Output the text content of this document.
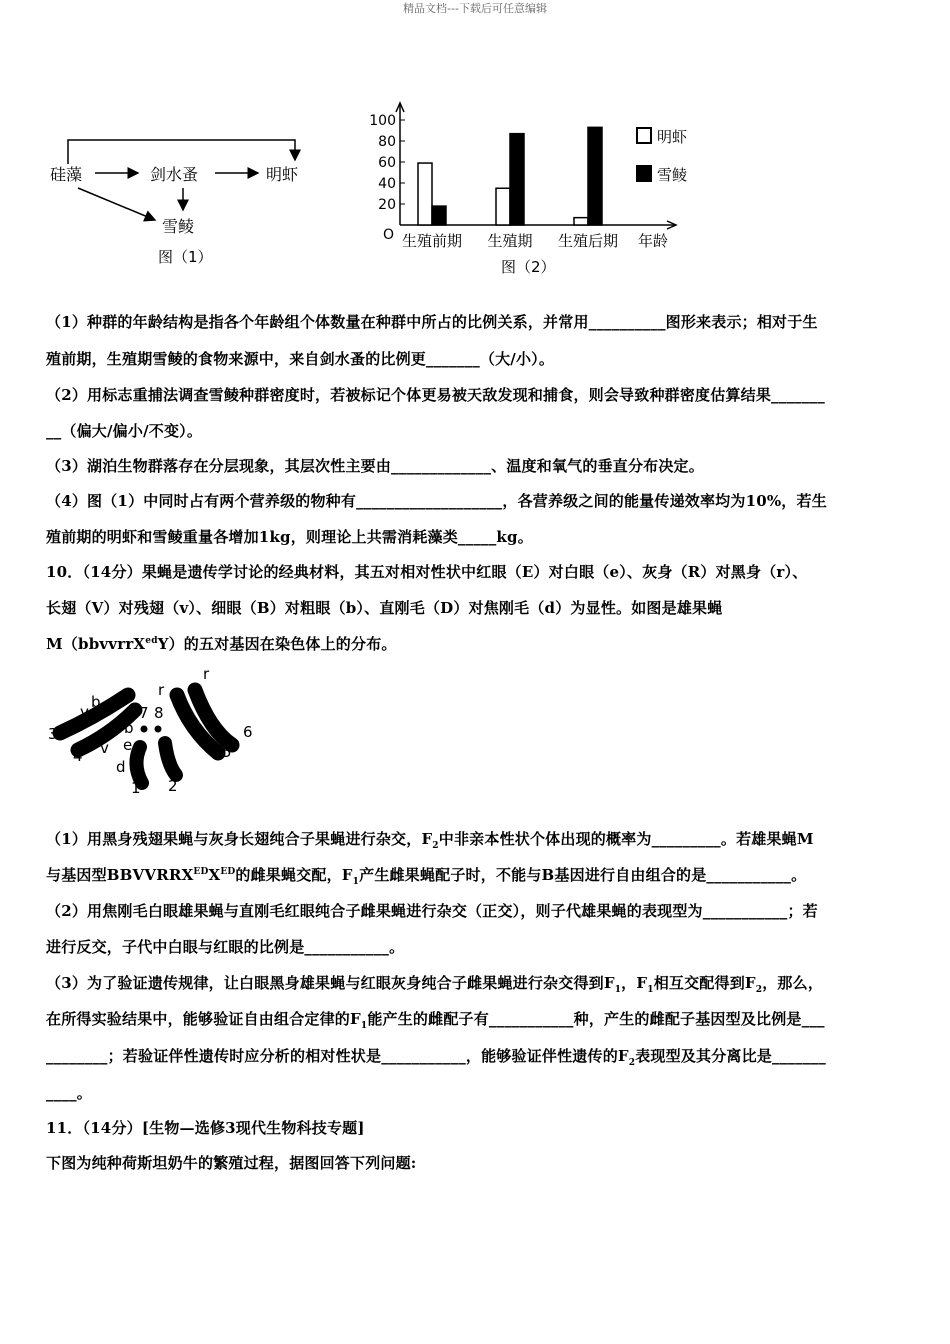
精品文档---下载后可任意编辑
硅藻	剑水蚤	明虾
雪鲮
图（1）
100
80
60
40
20
生殖前期 生殖期 生殖后期
明虾
雪鲮
年龄
O
图（2）
（1）种群的年龄结构是指各个年龄组个体数量在种群中所占的比例关系，并常用__________图形来表示；相对于生
殖前期，生殖期雪鲮的食物来源中，来自剑水蚤的比例更_______（大/小）。
（2）用标志重捕法调查雪鲮种群密度时，若被标记个体更易被天敌发现和捕食，则会导致种群密度估算结果_______
__（偏大/偏小/不变）。
（3）湖泊生物群落存在分层现象，其层次性主要由_____________、温度和氧气的垂直分布决定。
（4）图（1）中同时占有两个营养级的物种有___________________，各营养级之间的能量传递效率均为10%，若生
殖前期的明虾和雪鲮重量各增加1kg，则理论上共需消耗藻类_____kg。
10．（14分）果蝇是遗传学讨论的经典材料，其五对相对性状中红眼（E）对白眼（e）、灰身（R）对黑身（r）、
长翅（V）对残翅（v）、细眼（B）对粗眼（b）、直刚毛（D）对焦刚毛（d）为显性。如图是雄果蝇
M（bbvvrrX$^{ed}$Y）的五对基因在染色体上的分布。
b
v
3
4
b
v e
d
1
7 8
2
r
r
6
5
（1）用黑身残翅果蝇与灰身长翅纯合子果蝇进行杂交，$F_2$中非亲本性状个体出现的概率为_________。若雄果蝇M
与基因型$BBVVRRX^{ED}X^{ED}$的雌果蝇交配，$F_1$产生雌果蝇配子时，不能与B基因进行自由组合的是___________。
（2）用焦刚毛白眼雄果蝇与直刚毛红眼纯合子雌果蝇进行杂交（正交），则子代雄果蝇的表现型为___________；若
进行反交，子代中白眼与红眼的比例是___________。
（3）为了验证遗传规律，让白眼黑身雄果蝇与红眼灰身纯合子雌果蝇进行杂交得到$F_1$，$F_1$相互交配得到$F_2$，那么，
在所得实验结果中，能够验证自由组合定律的$F_1$能产生的雌配子有___________种，产生的雌配子基因型及比例是___
________；若验证伴性遗传时应分析的相对性状是___________，能够验证伴性遗传的$F_2$表现型及其分离比是_______
____。
11．（14分）[生物—选修3现代生物科技专题]
下图为纯种荷斯坦奶牛的繁殖过程，据图回答下列问题:
